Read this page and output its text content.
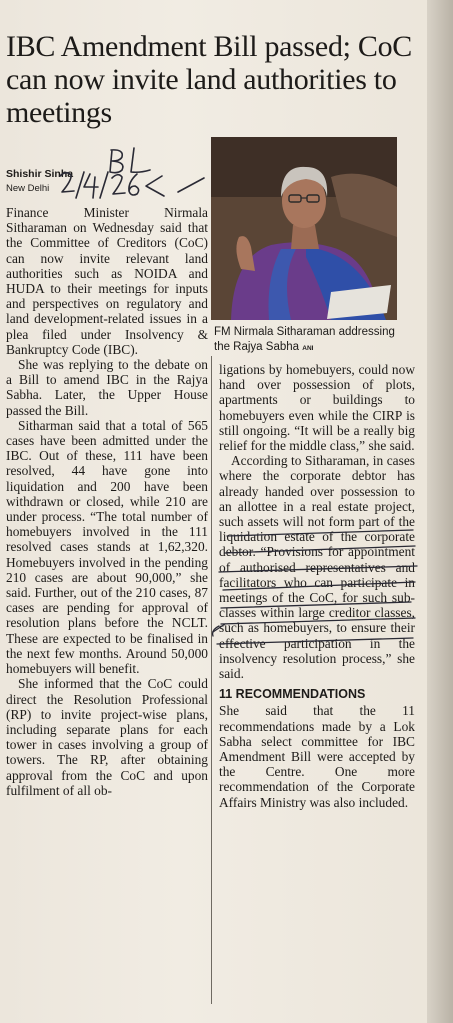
IBC Amendment Bill passed; CoC can now invite land authorities to meetings
Shishir Sinha
New Delhi
FM Nirmala Sitharaman addressing the Rajya Sabha ANI

Finance Minister Nirmala Sitharaman on Wednesday said that the Committee of Creditors (CoC) can now invite relevant land authorities such as NOIDA and HUDA to their meetings for inputs and perspectives on regulatory and land development-related issues in a plea filed under Insolvency & Bankruptcy Code (IBC).

She was replying to the debate on a Bill to amend IBC in the Rajya Sabha. Later, the Upper House passed the Bill.

Sitharman said that a total of 565 cases have been admitted under the IBC. Out of these, 111 have been resolved, 44 have gone into liquidation and 200 have been withdrawn or closed, while 210 are under process. “The total number of homebuyers involved in the 111 resolved cases stands at 1,62,320. Homebuyers involved in the pending 210 cases are about 90,000,” she said. Further, out of the 210 cases, 87 cases are pending for approval of resolution plans before the NCLT. These are expected to be finalised in the next few months. Around 50,000 homebuyers will benefit.

She informed that the CoC could direct the Resolution Professional (RP) to invite project-wise plans, including separate plans for each tower in cases involving a group of towers. The RP, after obtaining approval from the CoC and upon fulfilment of all ob-

ligations by homebuyers, could now hand over possession of plots, apartments or buildings to homebuyers even while the CIRP is still ongoing. “It will be a really big relief for the middle class,” she said.

According to Sitharaman, in cases where the corporate debtor has already handed over possession to an allottee in a real estate project, such assets will not form part of the liquidation estate of the corporate debtor. “Provisions for appointment of authorised representatives and facilitators who can participate in meetings of the CoC, for such sub-classes within large creditor classes, such as homebuyers, to ensure their effective participation in the insolvency resolution process,” she said.

11 RECOMMENDATIONS

She said that the 11 recommendations made by a Lok Sabha select committee for IBC Amendment Bill were accepted by the Centre. One more recommendation of the Corporate Affairs Ministry was also included.
